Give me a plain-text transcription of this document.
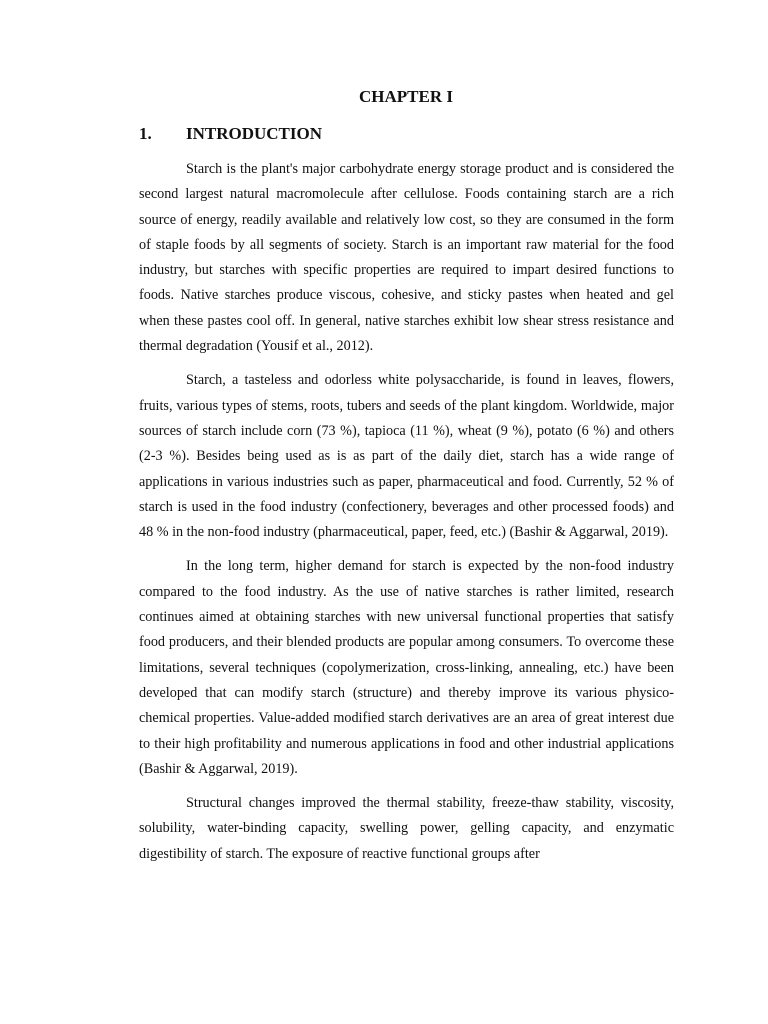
CHAPTER I
1. INTRODUCTION

Starch is the plant's major carbohydrate energy storage product and is considered the second largest natural macromolecule after cellulose. Foods containing starch are a rich source of energy, readily available and relatively low cost, so they are consumed in the form of staple foods by all segments of society. Starch is an important raw material for the food industry, but starches with specific properties are required to impart desired functions to foods. Native starches produce viscous, cohesive, and sticky pastes when heated and gel when these pastes cool off. In general, native starches exhibit low shear stress resistance and thermal degradation (Yousif et al., 2012).

Starch, a tasteless and odorless white polysaccharide, is found in leaves, flowers, fruits, various types of stems, roots, tubers and seeds of the plant kingdom. Worldwide, major sources of starch include corn (73 %), tapioca (11 %), wheat (9 %), potato (6 %) and others (2-3 %). Besides being used as is as part of the daily diet, starch has a wide range of applications in various industries such as paper, pharmaceutical and food. Currently, 52 % of starch is used in the food industry (confectionery, beverages and other processed foods) and 48 % in the non-food industry (pharmaceutical, paper, feed, etc.) (Bashir & Aggarwal, 2019).

In the long term, higher demand for starch is expected by the non-food industry compared to the food industry. As the use of native starches is rather limited, research continues aimed at obtaining starches with new universal functional properties that satisfy food producers, and their blended products are popular among consumers. To overcome these limitations, several techniques (copolymerization, cross-linking, annealing, etc.) have been developed that can modify starch (structure) and thereby improve its various physico-chemical properties. Value-added modified starch derivatives are an area of great interest due to their high profitability and numerous applications in food and other industrial applications (Bashir & Aggarwal, 2019).

Structural changes improved the thermal stability, freeze-thaw stability, viscosity, solubility, water-binding capacity, swelling power, gelling capacity, and enzymatic digestibility of starch. The exposure of reactive functional groups after
